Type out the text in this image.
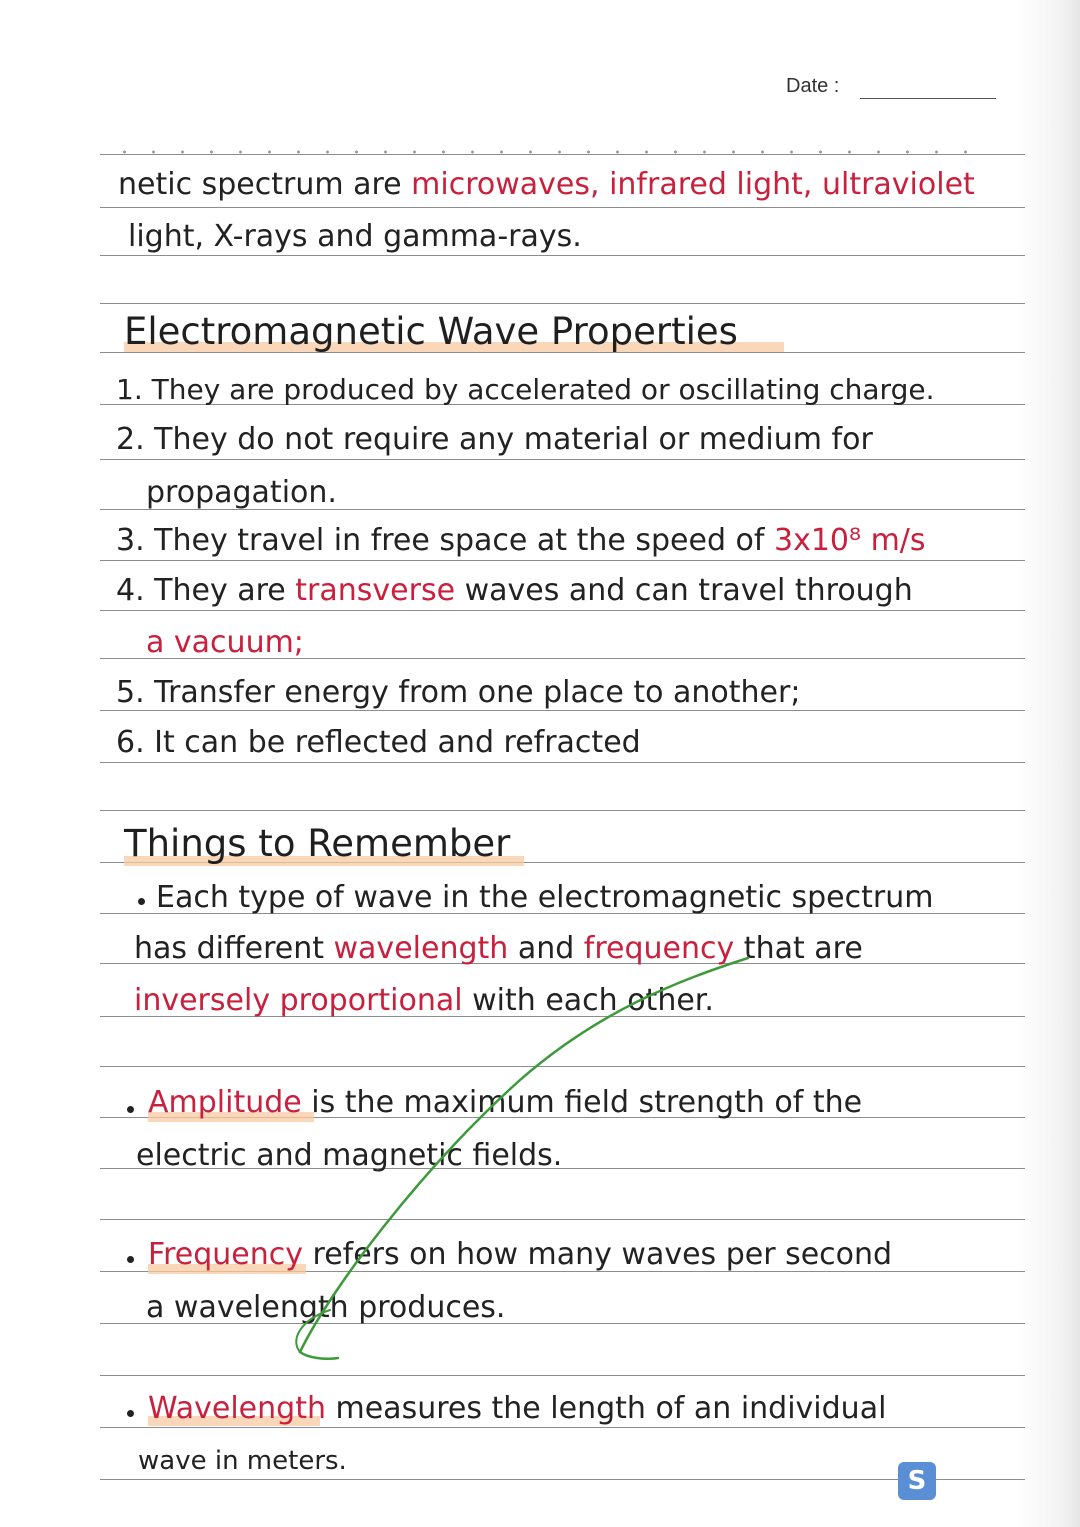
Date :
netic spectrum are microwaves, infrared light, ultraviolet
light, X-rays and gamma-rays.
Electromagnetic Wave Properties
1. They are produced by accelerated or oscillating charge.
2. They do not require any material or medium for
propagation.
3. They travel in free space at the speed of 3x10⁸ m/s
4. They are transverse waves and can travel through
a vacuum;
5. Transfer energy from one place to another;
6. It can be reflected and refracted
Things to Remember
Each type of wave in the electromagnetic spectrum
has different wavelength and frequency that are
inversely proportional with each other.
Amplitude is the maximum field strength of the
electric and magnetic fields.
Frequency refers on how many waves per second
a wavelength produces.
Wavelength measures the length of an individual
wave in meters.
S
